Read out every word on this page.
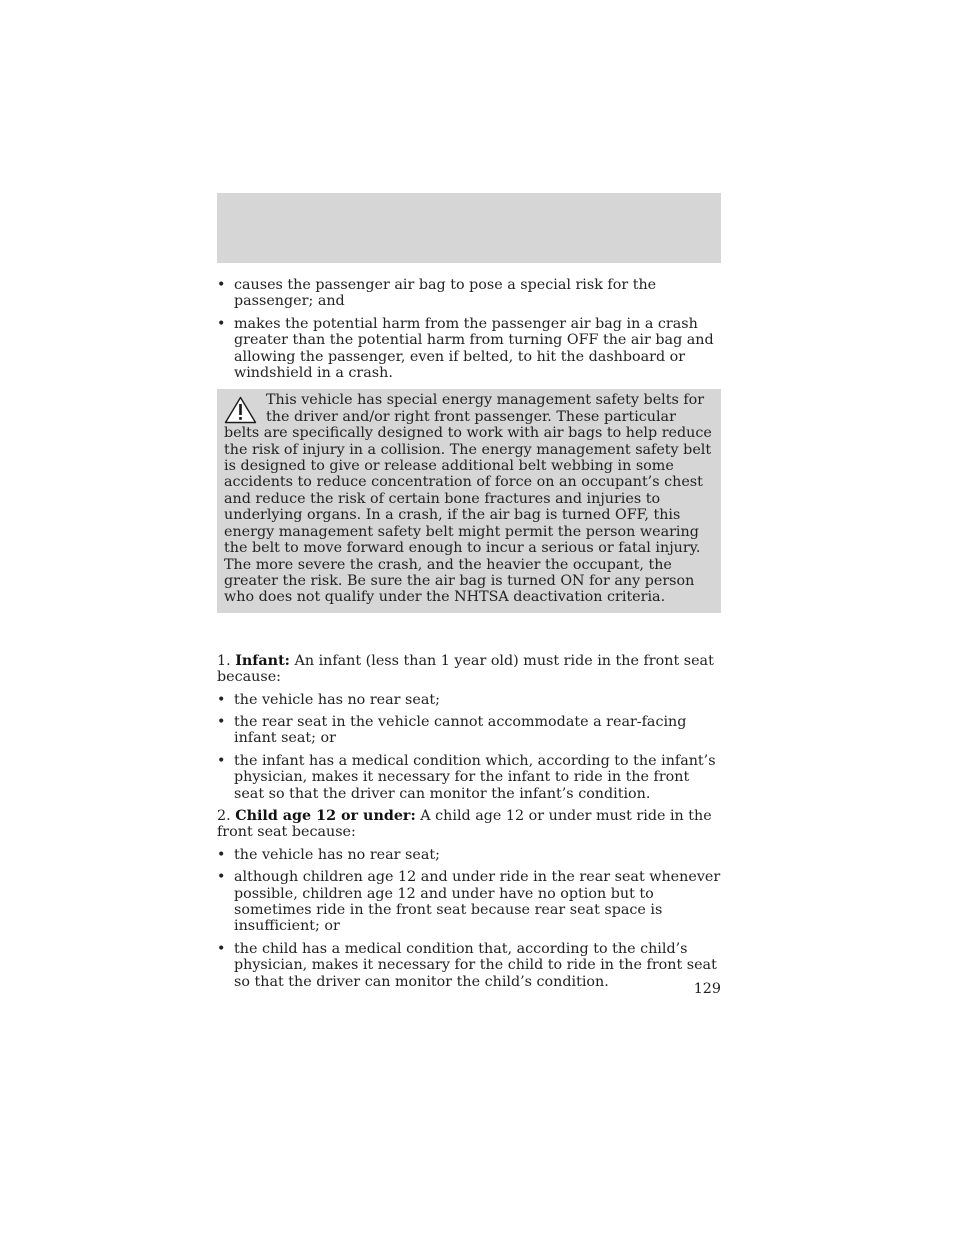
• causes the passenger air bag to pose a special risk for the passenger; and
• makes the potential harm from the passenger air bag in a crash greater than the potential harm from turning OFF the air bag and allowing the passenger, even if belted, to hit the dashboard or windshield in a crash.
This vehicle has special energy management safety belts for the driver and/or right front passenger. These particular belts are specifically designed to work with air bags to help reduce the risk of injury in a collision. The energy management safety belt is designed to give or release additional belt webbing in some accidents to reduce concentration of force on an occupant’s chest and reduce the risk of certain bone fractures and injuries to underlying organs. In a crash, if the air bag is turned OFF, this energy management safety belt might permit the person wearing the belt to move forward enough to incur a serious or fatal injury. The more severe the crash, and the heavier the occupant, the greater the risk. Be sure the air bag is turned ON for any person who does not qualify under the NHTSA deactivation criteria.

1. Infant: An infant (less than 1 year old) must ride in the front seat because:

• the vehicle has no rear seat;
• the rear seat in the vehicle cannot accommodate a rear-facing infant seat; or
• the infant has a medical condition which, according to the infant’s physician, makes it necessary for the infant to ride in the front seat so that the driver can monitor the infant’s condition.

2. Child age 12 or under: A child age 12 or under must ride in the front seat because:

• the vehicle has no rear seat;
• although children age 12 and under ride in the rear seat whenever possible, children age 12 and under have no option but to sometimes ride in the front seat because rear seat space is insufficient; or
• the child has a medical condition that, according to the child’s physician, makes it necessary for the child to ride in the front seat so that the driver can monitor the child’s condition.	129
